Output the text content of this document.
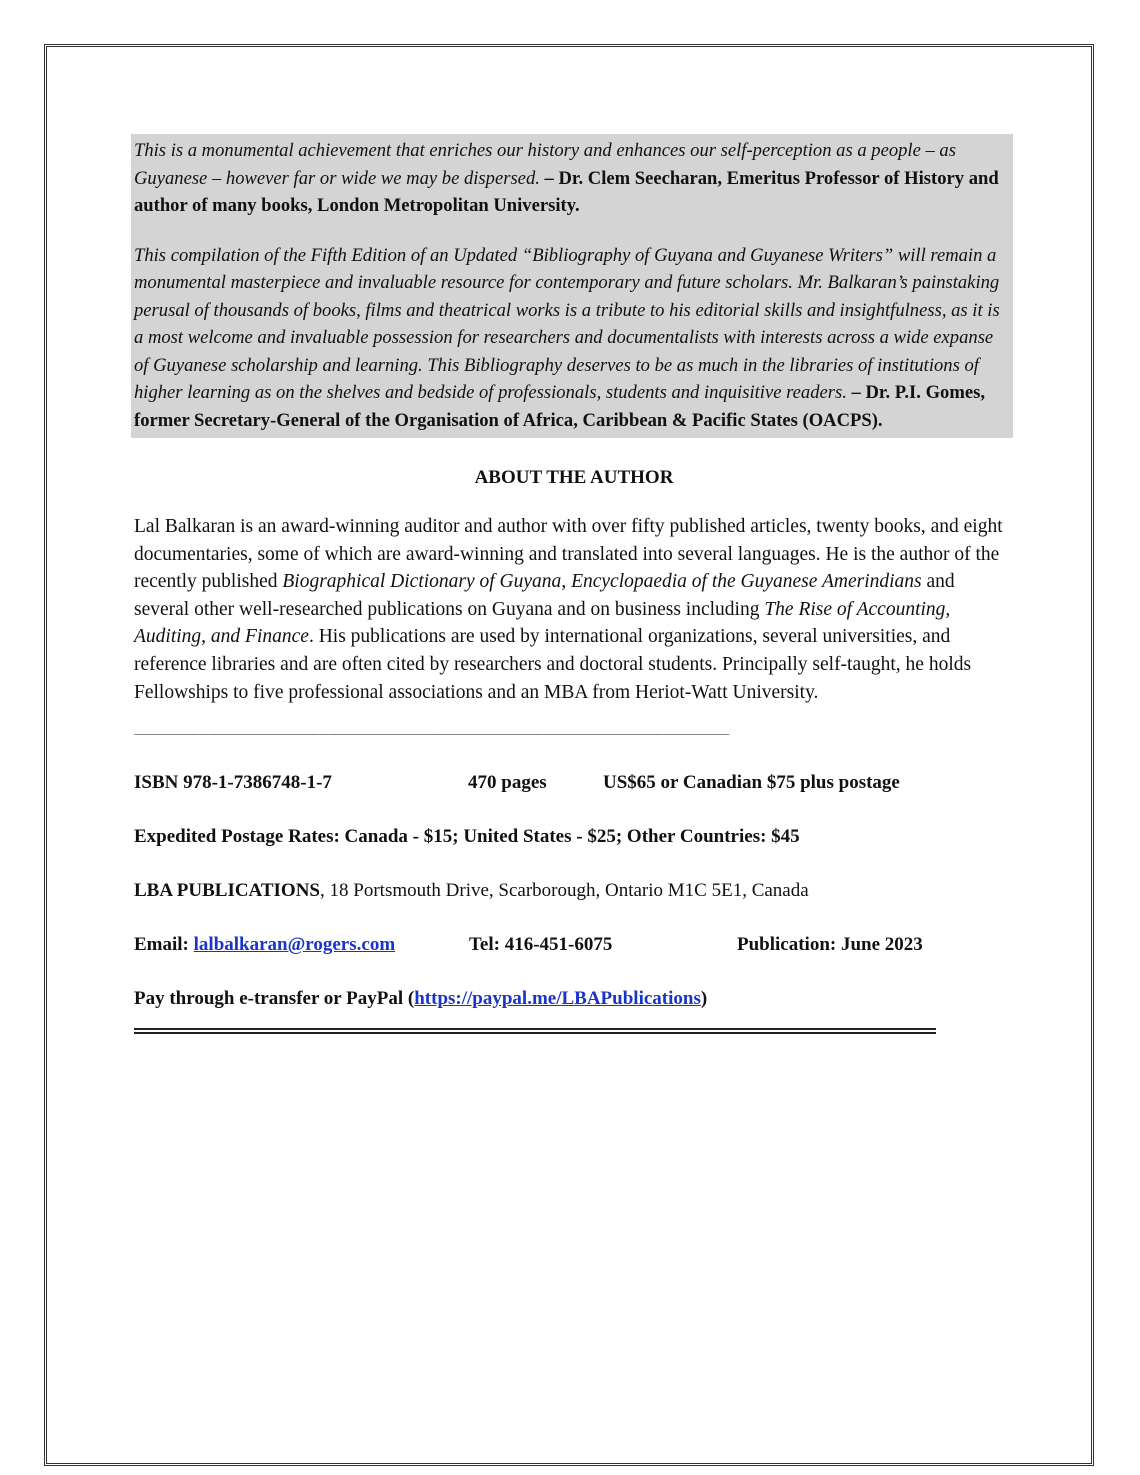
This is a monumental achievement that enriches our history and enhances our self-perception as a people – as Guyanese – however far or wide we may be dispersed. – Dr. Clem Seecharan, Emeritus Professor of History and author of many books, London Metropolitan University.

This compilation of the Fifth Edition of an Updated “Bibliography of Guyana and Guyanese Writers” will remain a monumental masterpiece and invaluable resource for contemporary and future scholars. Mr. Balkaran’s painstaking perusal of thousands of books, films and theatrical works is a tribute to his editorial skills and insightfulness, as it is a most welcome and invaluable possession for researchers and documentalists with interests across a wide expanse of Guyanese scholarship and learning. This Bibliography deserves to be as much in the libraries of institutions of higher learning as on the shelves and bedside of professionals, students and inquisitive readers. – Dr. P.I. Gomes, former Secretary-General of the Organisation of Africa, Caribbean & Pacific States (OACPS).

ABOUT THE AUTHOR

Lal Balkaran is an award-winning auditor and author with over fifty published articles, twenty books, and eight documentaries, some of which are award-winning and translated into several languages. He is the author of the recently published Biographical Dictionary of Guyana, Encyclopaedia of the Guyanese Amerindians and several other well-researched publications on Guyana and on business including The Rise of Accounting, Auditing, and Finance. His publications are used by international organizations, several universities, and reference libraries and are often cited by researchers and doctoral students. Principally self-taught, he holds Fellowships to five professional associations and an MBA from Heriot-Watt University.

--------------------------------------------------------------------------------------------------------------------------------------------------------------------------------------------------------------------------
ISBN 978-1-7386748-1-7	470 pages	US$65 or Canadian $75 plus postage
Expedited Postage Rates: Canada - $15; United States - $25; Other Countries: $45
LBA PUBLICATIONS, 18 Portsmouth Drive, Scarborough, Ontario M1C 5E1, Canada
Email: lalbalkaran@rogers.com	Tel: 416-451-6075	Publication: June 2023
Pay through e-transfer or PayPal (https://paypal.me/LBAPublications)
